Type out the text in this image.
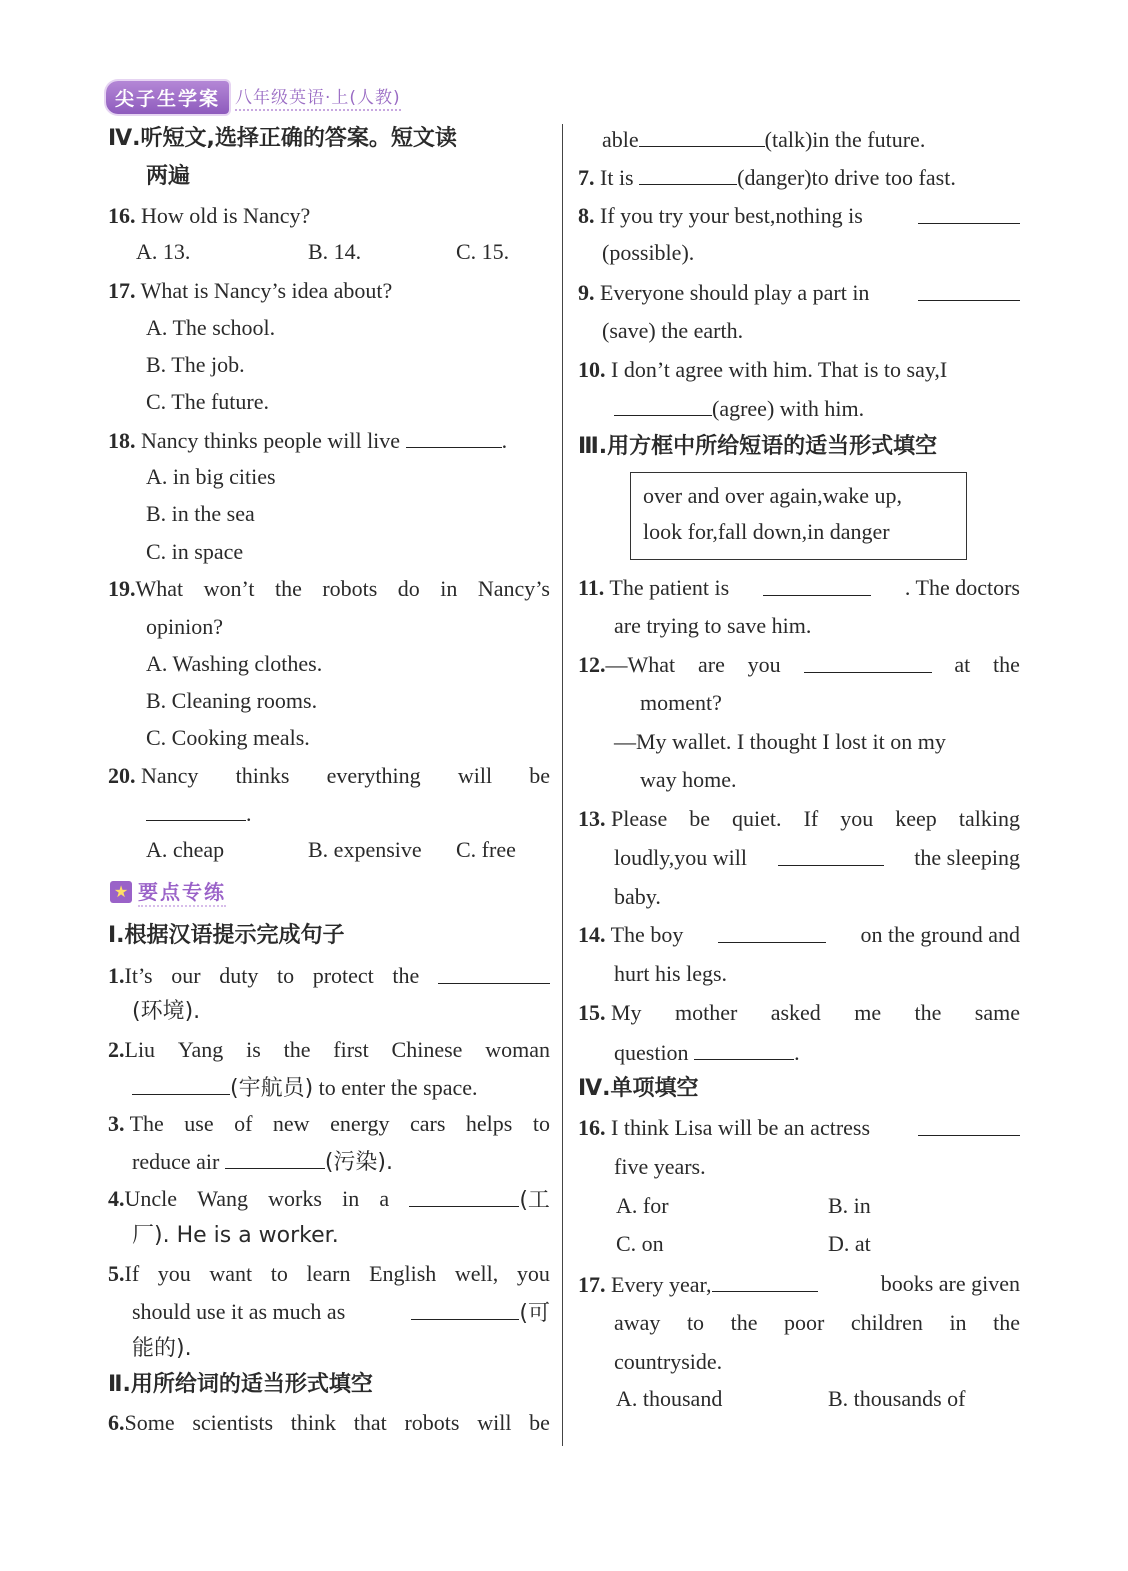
尖子生学案 八年级英语·上(人教)
Ⅳ.听短文,选择正确的答案。短文读
两遍
16. How old is Nancy?
A. 13.	B. 14.	C. 15.
17. What is Nancy’s idea about?
A. The school.
B. The job.
C. The future.
18. Nancy thinks people will live	.
A. in big cities
B. in the sea
C. in space
19.What won’t the robots do in Nancy’s
opinion?
A. Washing clothes.
B. Cleaning rooms.
C. Cooking meals.
20. Nancy thinks everything will be
.
A. cheap	B. expensive C. free
★ 要点专练
Ⅰ.根据汉语提示完成句子
1.It’s our duty to protect the
(环境).
2.Liu Yang is the first Chinese woman
(宇航员) to enter the space.
3. The use of new energy cars helps to
reduce air	(污染).
4.Uncle Wang works in a	(工
厂). He is a worker.
5.If you want to learn English well, you
should use it as much as	(可
能的).
Ⅱ.用所给词的适当形式填空
6.Some scientists think that robots will be
able	(talk)in the future.
7. It is	(danger)to drive too fast.
8. If you try your best,nothing is
(possible).
9. Everyone should play a part in
(save) the earth.
10. I don’t agree with him. That is to say,I
(agree) with him.
Ⅲ.用方框中所给短语的适当形式填空
over and over again,wake up,
look for,fall down,in danger
11. The patient is	. The doctors
are trying to save him.
12.—What are you	at the
moment?
—My wallet. I thought I lost it on my
way home.
13. Please be quiet. If you keep talking
loudly,you will	the sleeping
baby.
14. The boy	on the ground and
hurt his legs.
15. My mother asked me the same
question	.
Ⅳ.单项填空
16. I think Lisa will be an actress
five years.
A. for	B. in
C. on	D. at
17. Every year,	books are given
away to the poor children in the
countryside.
A. thousand	B. thousands of
